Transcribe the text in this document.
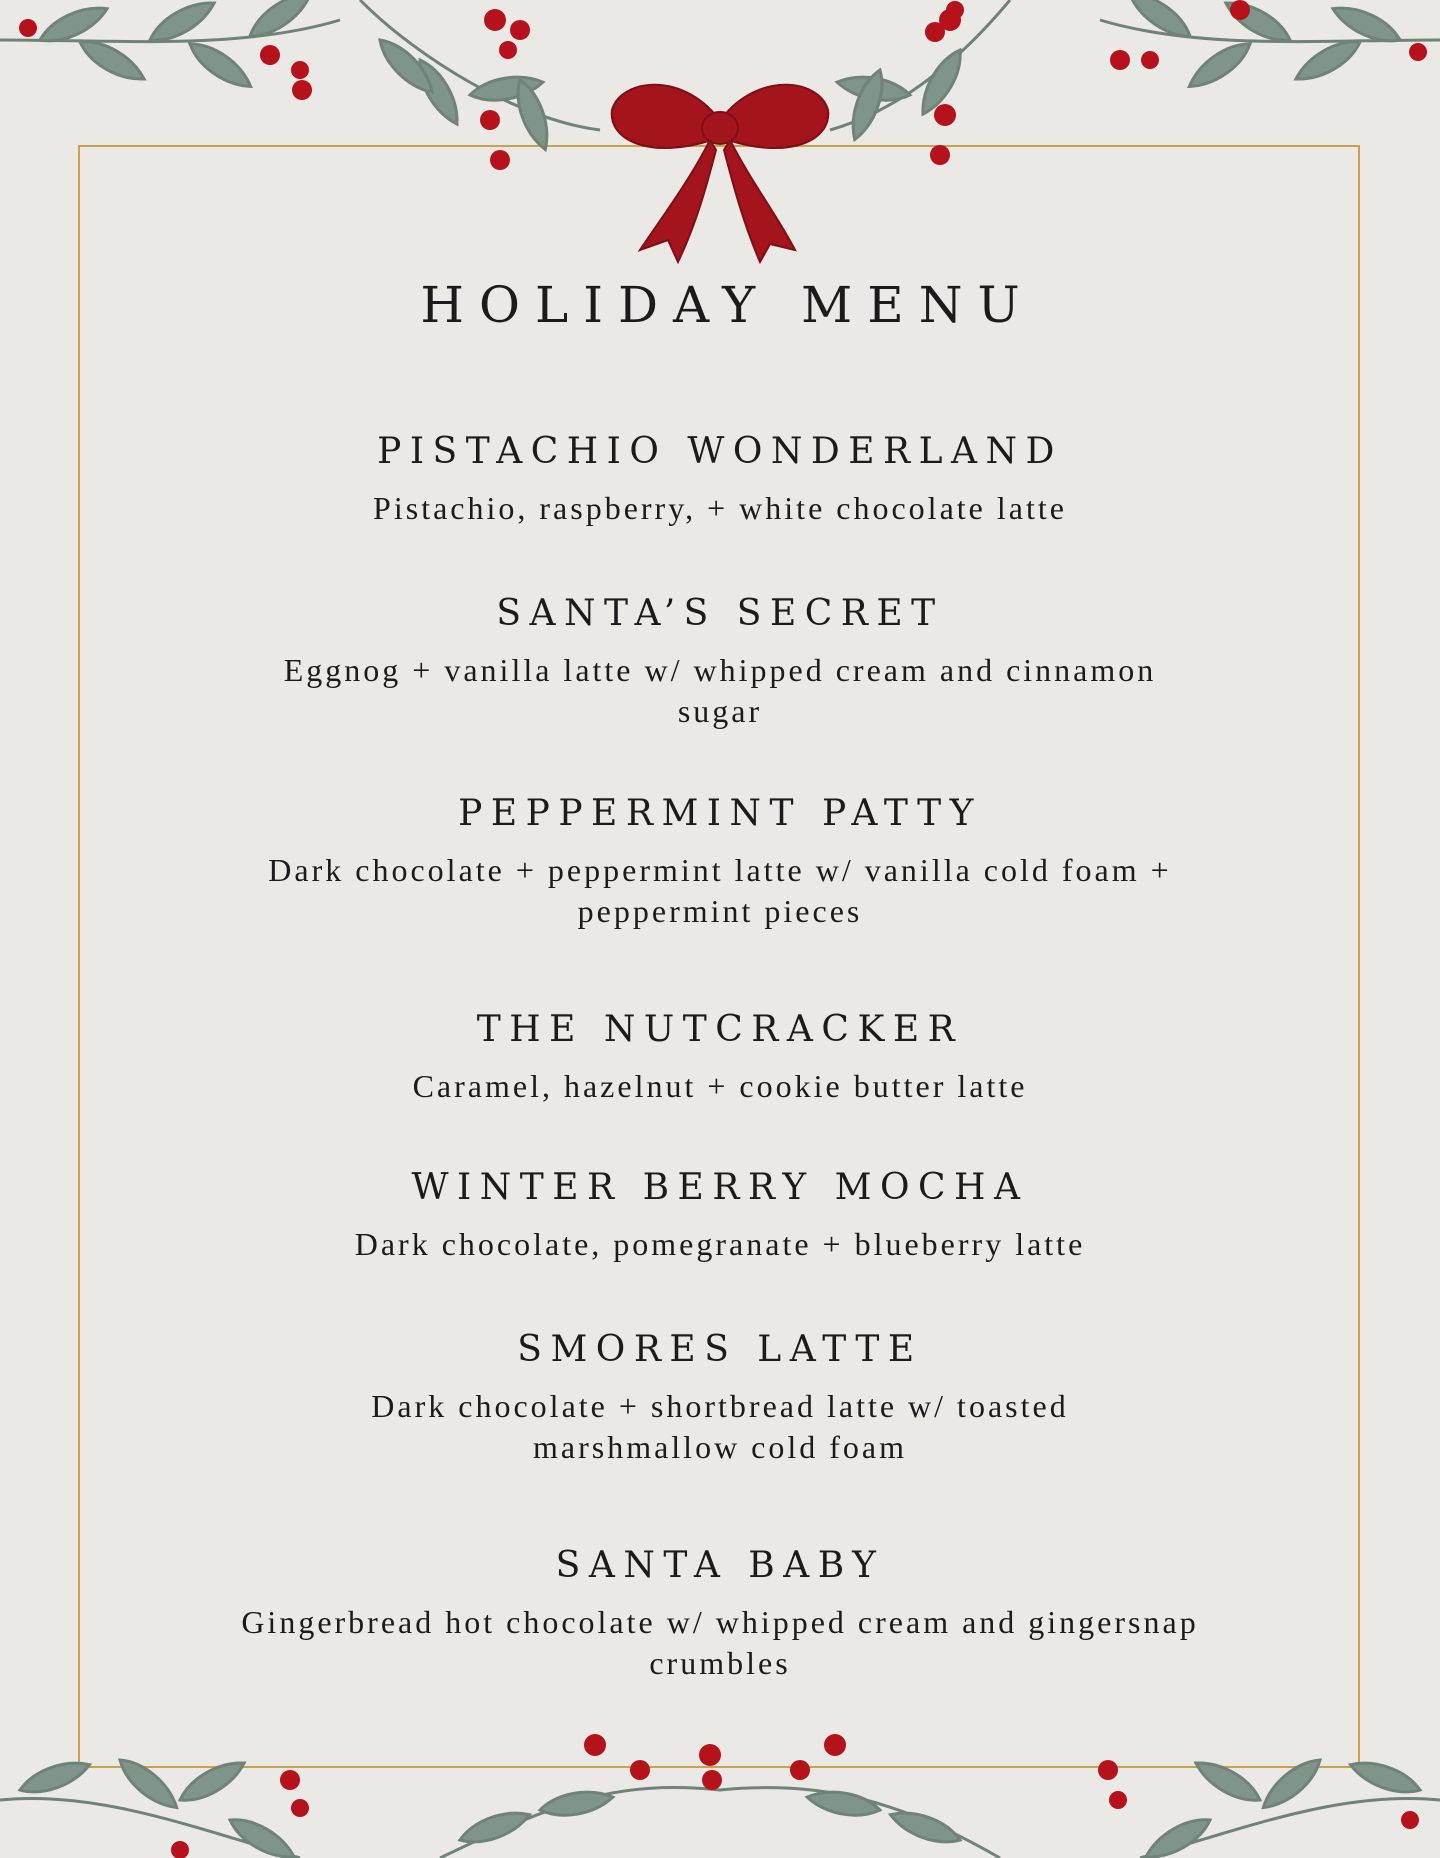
HOLIDAY MENU
PISTACHIO WONDERLAND

Pistachio, raspberry, + white chocolate latte

SANTA’S SECRET

Eggnog + vanilla latte w/ whipped cream and cinnamon sugar

PEPPERMINT PATTY

Dark chocolate + peppermint latte w/ vanilla cold foam + peppermint pieces

THE NUTCRACKER

Caramel, hazelnut + cookie butter latte

WINTER BERRY MOCHA

Dark chocolate, pomegranate + blueberry latte

SMORES LATTE

Dark chocolate + shortbread latte w/ toasted marshmallow cold foam

SANTA BABY

Gingerbread hot chocolate w/ whipped cream and gingersnap crumbles
